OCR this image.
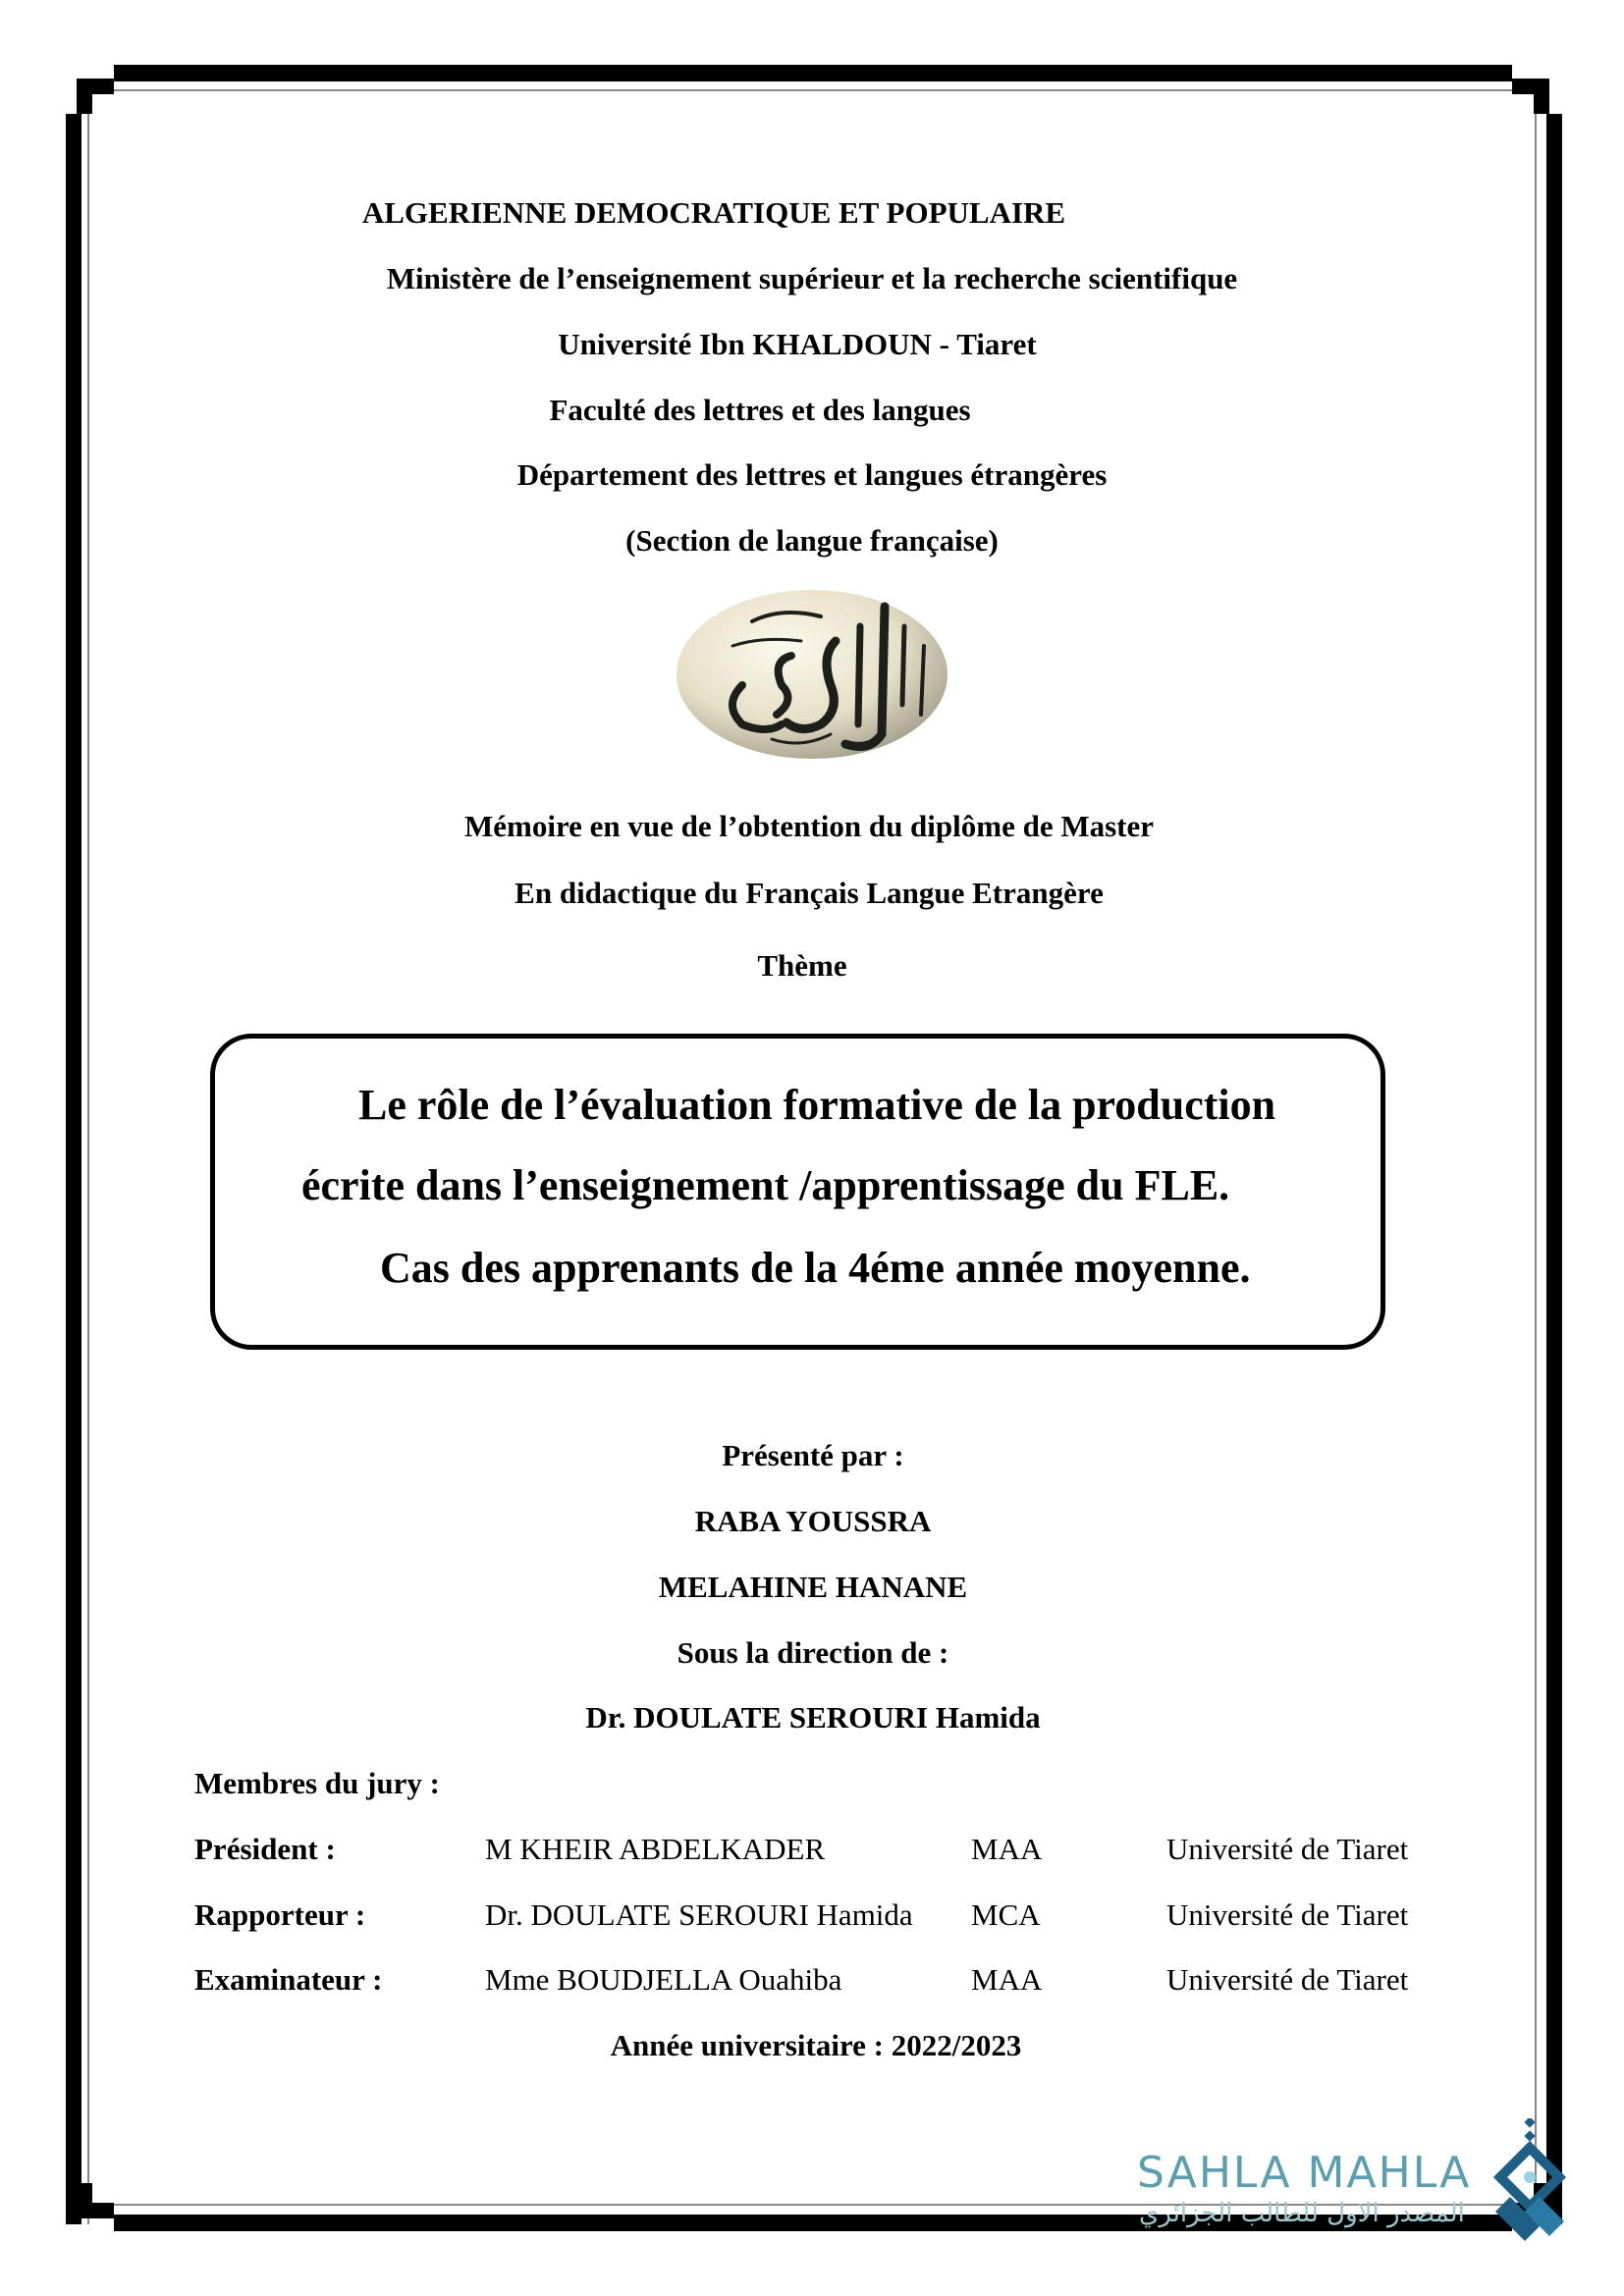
ALGERIENNE DEMOCRATIQUE ET POPULAIRE
Ministère de l’enseignement supérieur et la recherche scientifique
Université Ibn KHALDOUN - Tiaret
Faculté des lettres et des langues
Département des lettres et langues étrangères
(Section de langue française)
Mémoire en vue de l’obtention du diplôme de Master
En didactique du Français Langue Etrangère
Thème
Le rôle de l’évaluation formative de la production
écrite dans l’enseignement /apprentissage du FLE.
Cas des apprenants de la 4éme année moyenne.
Présenté par :
RABA YOUSSRA
MELAHINE HANANE
Sous la direction de :
Dr. DOULATE SEROURI Hamida
Membres du jury :
Président :	M KHEIR ABDELKADER	MAA	Université de Tiaret
Rapporteur :	Dr. DOULATE SEROURI Hamida MCA	Université de Tiaret
Examinateur :	Mme BOUDJELLA Ouahiba	MAA	Université de Tiaret
Année universitaire : 2022/2023
SAHLA MAHLA
المصدر الاول للطالب الجزائري
